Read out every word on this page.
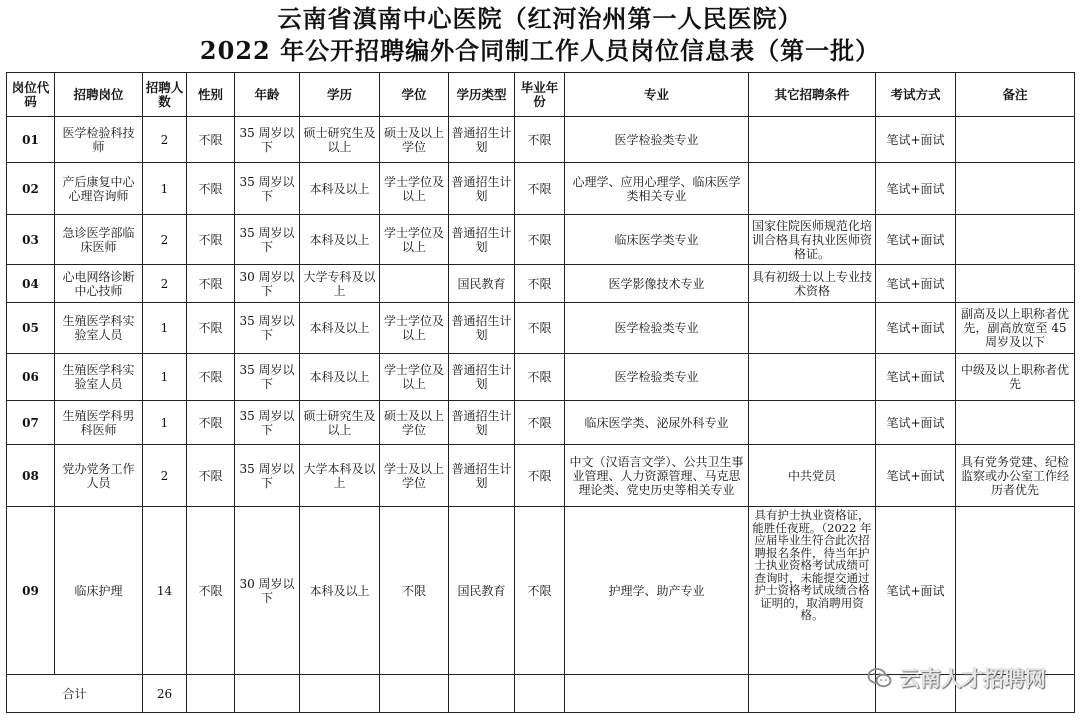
云南省滇南中心医院（红河治州第一人民医院）
2022 年公开招聘编外合同制工作人员岗位信息表（第一批）
岗位代码	招聘岗位	招聘人数	性别	年龄	学历	学位	学历类型	毕业年份	专业	其它招聘条件	考试方式	备注
01	医学检验科技师	2	不限	35 周岁以下	硕士研究生及以上	硕士及以上学位	普通招生计划	不限	医学检验类专业		笔试+面试	
02	产后康复中心心理咨询师	1	不限	35 周岁以下	本科及以上	学士学位及以上	普通招生计划	不限	心理学、应用心理学、临床医学类相关专业		笔试+面试	
03	急诊医学部临床医师	2	不限	35 周岁以下	本科及以上	学士学位及以上	普通招生计划	不限	临床医学类专业	国家住院医师规范化培训合格具有执业医师资格证。	笔试+面试	
04	心电网络诊断中心技师	2	不限	30 周岁以下	大学专科及以上		国民教育	不限	医学影像技术专业	具有初级士以上专业技术资格	笔试+面试	
05	生殖医学科实验室人员	1	不限	35 周岁以下	本科及以上	学士学位及以上	普通招生计划	不限	医学检验类专业		笔试+面试	副高及以上职称者优先，副高放宽至 45 周岁及以下
06	生殖医学科实验室人员	1	不限	35 周岁以下	本科及以上	学士学位及以上	普通招生计划	不限	医学检验类专业		笔试+面试	中级及以上职称者优先
07	生殖医学科男科医师	1	不限	35 周岁以下	硕士研究生及以上	硕士及以上学位	普通招生计划	不限	临床医学类、泌尿外科专业		笔试+面试	
08	党办党务工作人员	2	不限	35 周岁以下	大学本科及以上	学士及以上学位	普通招生计划	不限	中文（汉语言文学）、公共卫生事业管理、人力资源管理、马克思理论类、党史历史等相关专业	中共党员	笔试+面试	具有党务党建、纪检监察或办公室工作经历者优先
09	临床护理	14	不限	30 周岁以下	本科及以上	不限	国民教育	不限	护理学、助产专业	具有护士执业资格证，能胜任夜班。（2022 年应届毕业生符合此次招聘报名条件，待当年护士执业资格考试成绩可查询时，未能提交通过护士资格考试成绩合格证明的，取消聘用资格。	笔试+面试	
合计		26										
云南人才招聘网
